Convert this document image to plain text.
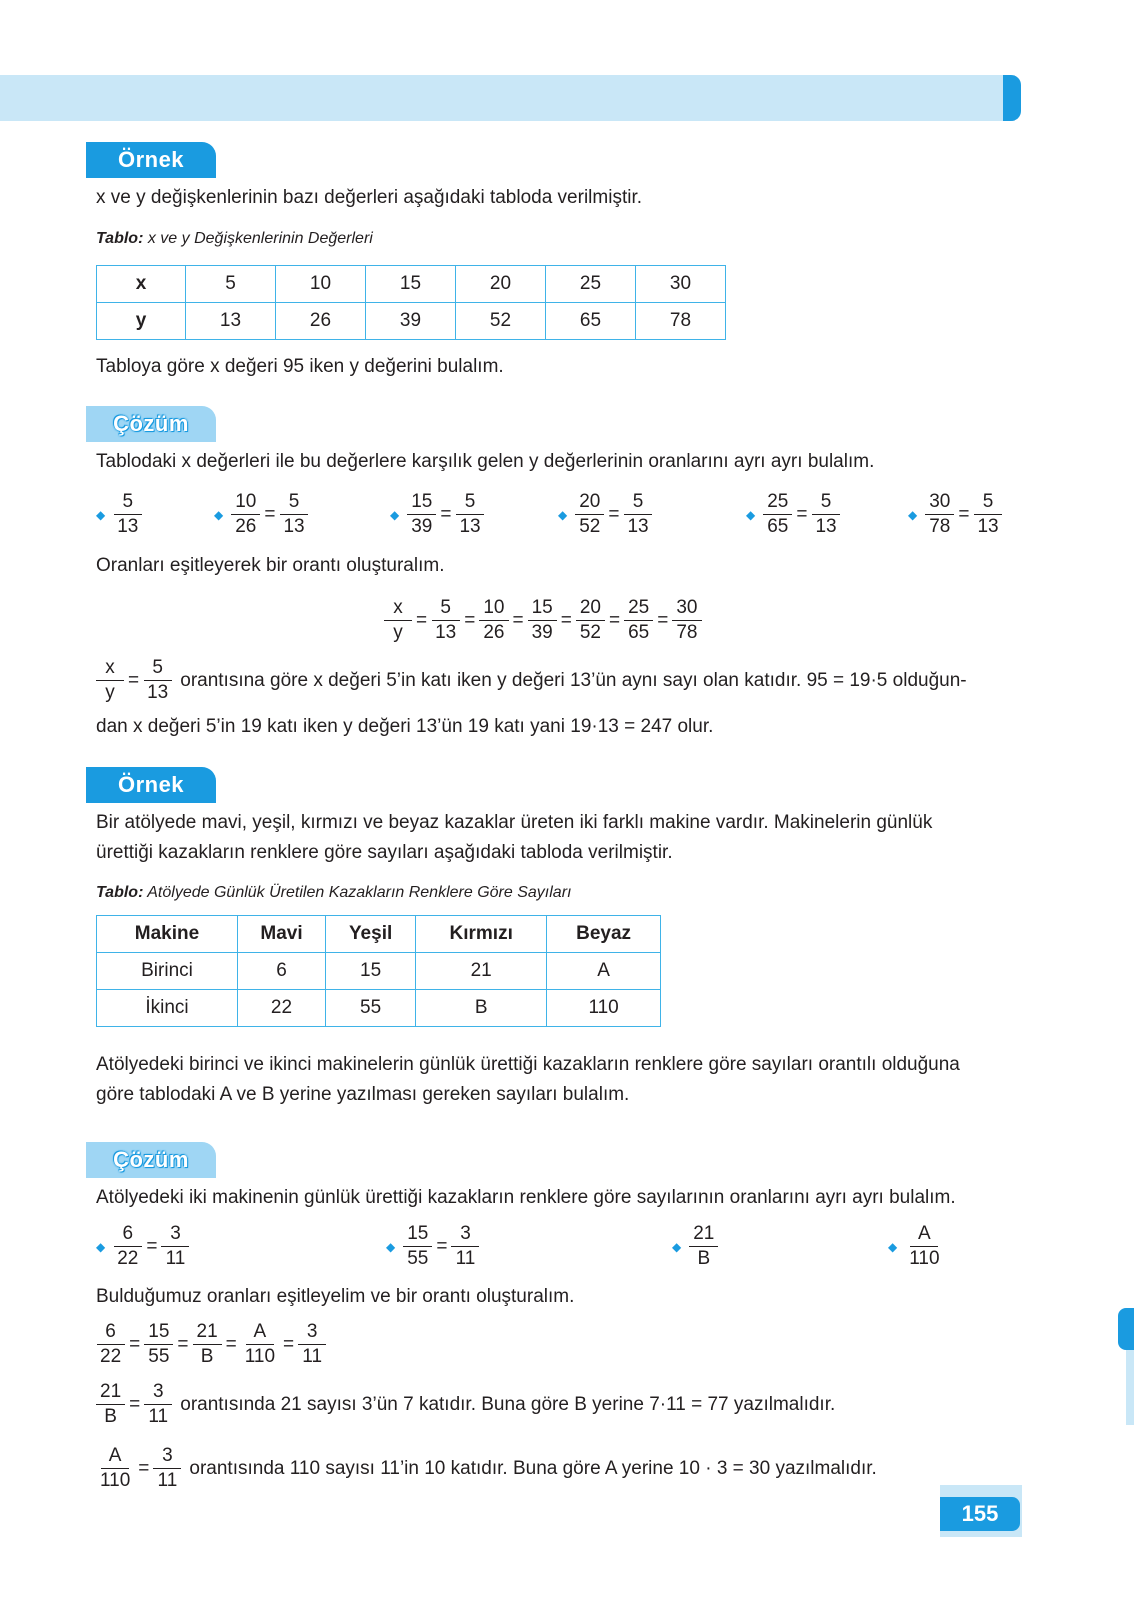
Örnek
x ve y değişkenlerinin bazı değerleri aşağıdaki tabloda verilmiştir.
Tablo: x ve y Değişkenlerinin Değerleri
x	5	10	15	20	25	30
y	13	26	39	52	65	78
Tabloya göre x değeri 95 iken y değerini bulalım.
Çözüm
Tablodaki x değerleri ile bu değerlere karşılık gelen y değerlerinin oranlarını ayrı ayrı bulalım.
◆ $\frac{5}{13}$	◆ $\frac{10}{26} = \frac{5}{13}$	◆ $\frac{15}{39} = \frac{5}{13}$	◆ $\frac{20}{52} = \frac{5}{13}$	◆ $\frac{25}{65} = \frac{5}{13}$	◆ $\frac{30}{78} = \frac{5}{13}$
Oranları eşitleyerek bir orantı oluşturalım.
$\frac{x}{y} = \frac{5}{13} = \frac{10}{26} = \frac{15}{39} = \frac{20}{52} = \frac{25}{65} = \frac{30}{78}$
$\frac{x}{y} = \frac{5}{13}$ orantısına göre x değeri 5’in katı iken y değeri 13’ün aynı sayı olan katıdır. 95 = 19·5 olduğun-
dan x değeri 5’in 19 katı iken y değeri 13’ün 19 katı yani 19·13 = 247 olur.
Örnek
Bir atölyede mavi, yeşil, kırmızı ve beyaz kazaklar üreten iki farklı makine vardır. Makinelerin günlük
ürettiği kazakların renklere göre sayıları aşağıdaki tabloda verilmiştir.
Tablo: Atölyede Günlük Üretilen Kazakların Renklere Göre Sayıları
Makine	Mavi	Yeşil	Kırmızı	Beyaz
Birinci	6	15	21	A
İkinci	22	55	B	110
Atölyedeki birinci ve ikinci makinelerin günlük ürettiği kazakların renklere göre sayıları orantılı olduğuna
göre tablodaki A ve B yerine yazılması gereken sayıları bulalım.
Çözüm
Atölyedeki iki makinenin günlük ürettiği kazakların renklere göre sayılarının oranlarını ayrı ayrı bulalım.
◆ $\frac{6}{22} = \frac{3}{11}$	◆ $\frac{15}{55} = \frac{3}{11}$	◆ $\frac{21}{B}$	◆ $\frac{A}{110}$
Bulduğumuz oranları eşitleyelim ve bir orantı oluşturalım.
$\frac{6}{22} = \frac{15}{55} = \frac{21}{B} = \frac{A}{110} = \frac{3}{11}$
$\frac{21}{B} = \frac{3}{11}$ orantısında 21 sayısı 3’ün 7 katıdır. Buna göre B yerine 7·11 = 77 yazılmalıdır.
$\frac{A}{110} = \frac{3}{11}$ orantısında 110 sayısı 11’in 10 katıdır. Buna göre A yerine 10 · 3 = 30 yazılmalıdır.
155
